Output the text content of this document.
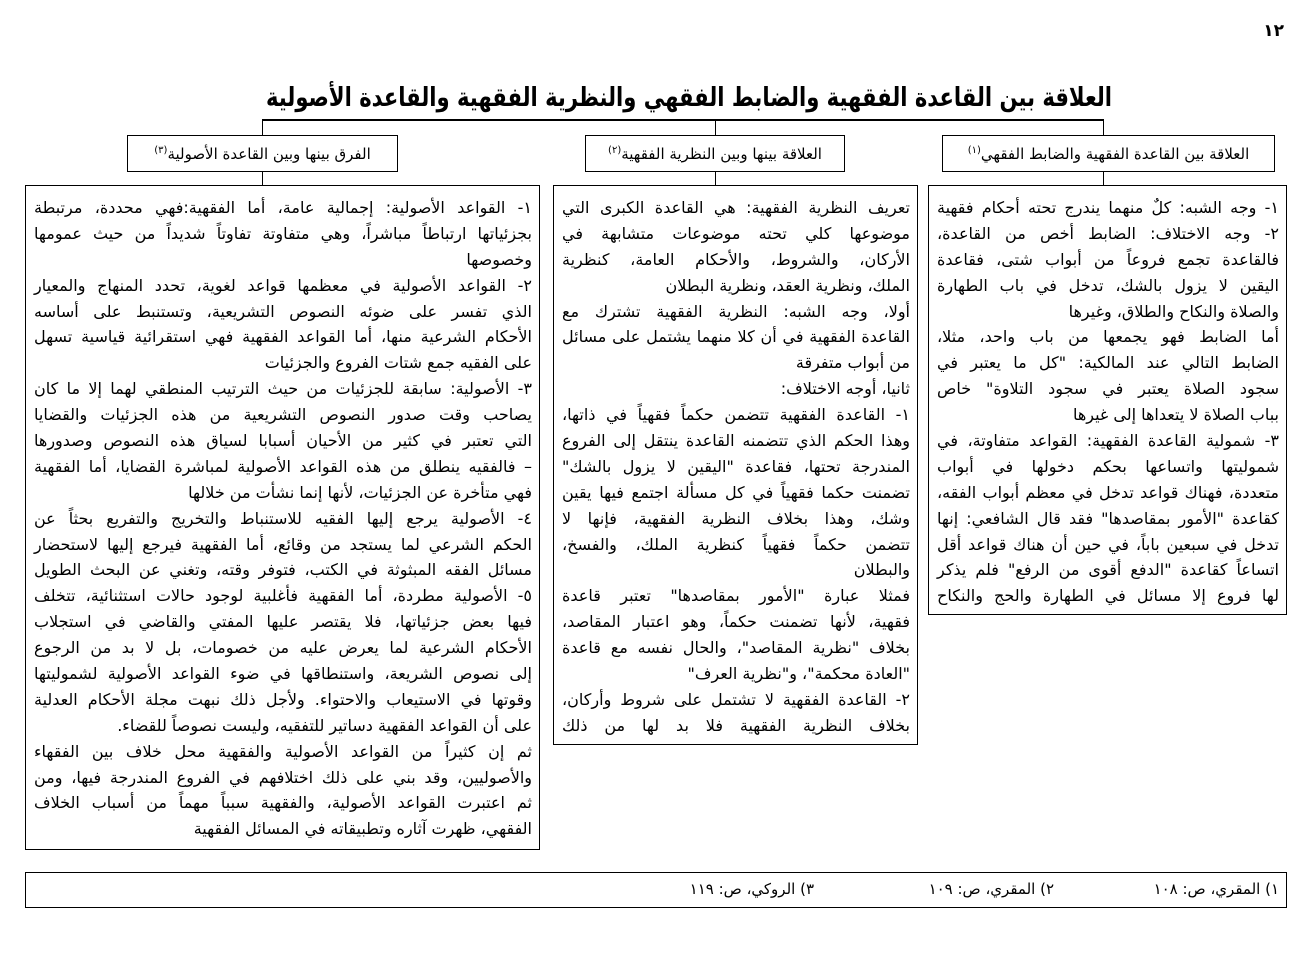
١٢
العلاقة بين القاعدة الفقهية والضابط الفقهي والنظرية الفقهية والقاعدة الأصولية
العلاقة بين القاعدة الفقهية والضابط الفقهي$^{(١)}$
العلاقة بينها وبين النظرية الفقهية$^{(٢)}$
الفرق بينها وبين القاعدة الأصولية$^{(٣)}$
١- وجه الشبه: كلٌ منهما يندرج تحته أحكام فقهية
٢- وجه الاختلاف: الضابط أخص من القاعدة،
فالقاعدة تجمع فروعاً من أبواب شتى، فقاعدة
اليقين لا يزول بالشك، تدخل في باب الطهارة
والصلاة والنكاح والطلاق، وغيرها
أما الضابط فهو يجمعها من باب واحد، مثلا،
الضابط التالي عند المالكية: "كل ما يعتبر في
سجود الصلاة يعتبر في سجود التلاوة" خاص
بباب الصلاة لا يتعداها إلى غيرها
٣- شمولية القاعدة الفقهية: القواعد متفاوتة، في
شموليتها واتساعها بحكم دخولها في أبواب
متعددة، فهناك قواعد تدخل في معظم أبواب الفقه،
كقاعدة "الأمور بمقاصدها" فقد قال الشافعي: إنها
تدخل في سبعين باباً، في حين أن هناك قواعد أقل
اتساعاً كقاعدة "الدفع أقوى من الرفع" فلم يذكر
لها فروع إلا مسائل في الطهارة والحج والنكاح
تعريف النظرية الفقهية: هي القاعدة الكبرى التي
موضوعها كلي تحته موضوعات متشابهة في
الأركان، والشروط، والأحكام العامة، كنظرية
الملك، ونظرية العقد، ونظرية البطلان
أولا، وجه الشبه: النظرية الفقهية تشترك مع
القاعدة الفقهية في أن كلا منهما يشتمل على مسائل
من أبواب متفرقة
ثانيا، أوجه الاختلاف:
١- القاعدة الفقهية تتضمن حكماً فقهياً في ذاتها،
وهذا الحكم الذي تتضمنه القاعدة ينتقل إلى الفروع
المندرجة تحتها، فقاعدة "اليقين لا يزول بالشك"
تضمنت حكما فقهياً في كل مسألة اجتمع فيها يقين
وشك، وهذا بخلاف النظرية الفقهية، فإنها لا
تتضمن حكماً فقهياً كنظرية الملك، والفسخ،
والبطلان
فمثلا عبارة "الأمور بمقاصدها" تعتبر قاعدة
فقهية، لأنها تضمنت حكماً، وهو اعتبار المقاصد،
بخلاف "نظرية المقاصد"، والحال نفسه مع قاعدة
"العادة محكمة"، و"نظرية العرف"
٢- القاعدة الفقهية لا تشتمل على شروط وأركان،
بخلاف النظرية الفقهية فلا بد لها من ذلك
١- القواعد الأصولية: إجمالية عامة، أما الفقهية:فهي محددة، مرتبطة
بجزئياتها ارتباطاً مباشراً، وهي متفاوتة تفاوتاً شديداً من حيث عمومها
وخصوصها
٢- القواعد الأصولية في معظمها قواعد لغوية، تحدد المنهاج والمعيار
الذي تفسر على ضوئه النصوص التشريعية، وتستنبط على أساسه
الأحكام الشرعية منها، أما القواعد الفقهية فهي استقرائية قياسية تسهل
على الفقيه جمع شتات الفروع والجزئيات
٣- الأصولية: سابقة للجزئيات من حيث الترتيب المنطقي لهما إلا ما كان
يصاحب وقت صدور النصوص التشريعية من هذه الجزئيات والقضايا
التي تعتبر في كثير من الأحيان أسبابا لسياق هذه النصوص وصدورها
– فالفقيه ينطلق من هذه القواعد الأصولية لمباشرة القضايا، أما الفقهية
فهي متأخرة عن الجزئيات، لأنها إنما نشأت من خلالها
٤- الأصولية يرجع إليها الفقيه للاستنباط والتخريج والتفريع بحثاً عن
الحكم الشرعي لما يستجد من وقائع، أما الفقهية فيرجع إليها لاستحضار
مسائل الفقه المبثوثة في الكتب، فتوفر وقته، وتغني عن البحث الطويل
٥- الأصولية مطردة، أما الفقهية فأغلبية لوجود حالات استثنائية، تتخلف
فيها بعض جزئياتها، فلا يقتصر عليها المفتي والقاضي في استجلاب
الأحكام الشرعية لما يعرض عليه من خصومات، بل لا بد من الرجوع
إلى نصوص الشريعة، واستنطاقها في ضوء القواعد الأصولية لشموليتها
وقوتها في الاستيعاب والاحتواء. ولأجل ذلك نبهت مجلة الأحكام العدلية
على أن القواعد الفقهية دساتير للتفقيه، وليست نصوصاً للقضاء.
ثم إن كثيراً من القواعد الأصولية والفقهية محل خلاف بين الفقهاء
والأصوليين، وقد بني على ذلك اختلافهم في الفروع المندرجة فيها، ومن
ثم اعتبرت القواعد الأصولية، والفقهية سبباً مهماً من أسباب الخلاف
الفقهي، ظهرت آثاره وتطبيقاته في المسائل الفقهية
١) المقري، ص: ١٠٨
٢) المقري، ص: ١٠٩
٣) الروكي، ص: ١١٩
